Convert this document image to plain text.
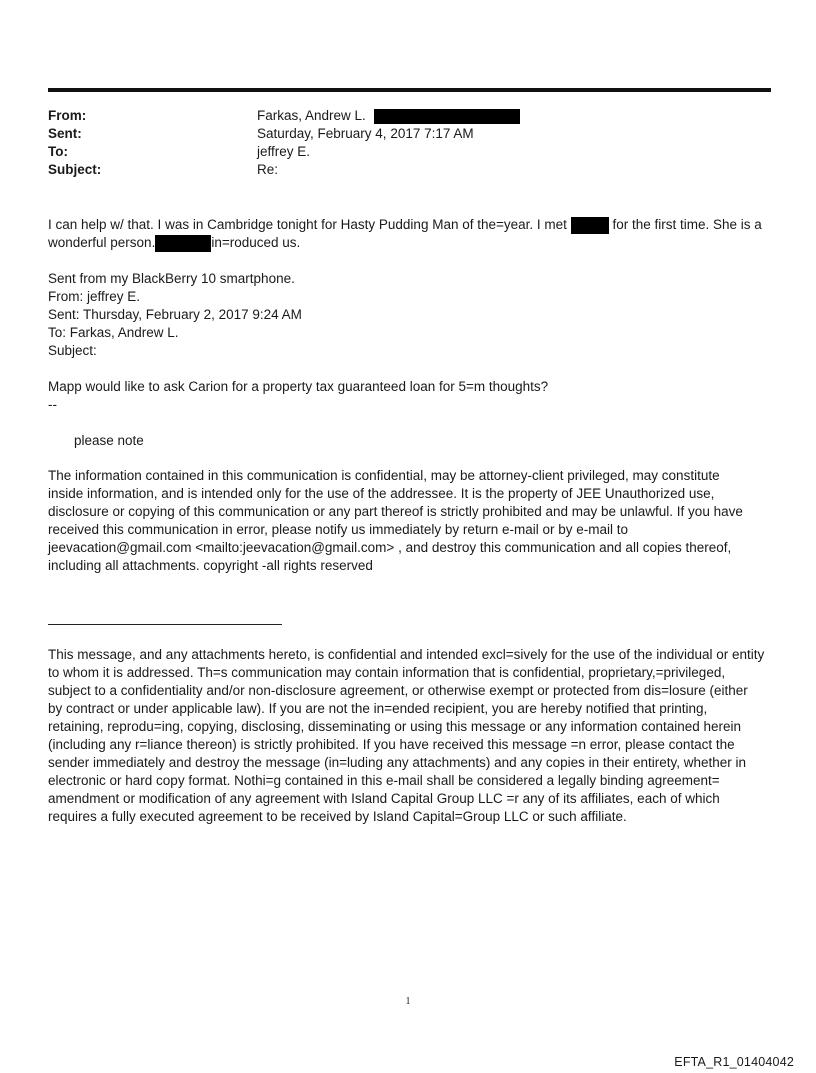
From:	Farkas, Andrew L.
Sent:	Saturday, February 4, 2017 7:17 AM
To:	jeffrey E.
Subject:	Re:
I can help w/ that. I was in Cambridge tonight for Hasty Pudding Man of the=year. I met	for the first time. She is a
wonderful person.	in=roduced us.
Sent from my BlackBerry 10 smartphone.
From: jeffrey E.
Sent: Thursday, February 2, 2017 9:24 AM
To: Farkas, Andrew L.
Subject:
Mapp would like to ask Carion for a property tax guaranteed loan for 5=m thoughts?
--
please note
The information contained in this communication is confidential, may be attorney-client privileged, may constitute
inside information, and is intended only for the use of the addressee. It is the property of JEE Unauthorized use,
disclosure or copying of this communication or any part thereof is strictly prohibited and may be unlawful. If you have
received this communication in error, please notify us immediately by return e-mail or by e-mail to
jeevacation@gmail.com <mailto:jeevacation@gmail.com> , and destroy this communication and all copies thereof,
including all attachments. copyright -all rights reserved
This message, and any attachments hereto, is confidential and intended excl=sively for the use of the individual or entity
to whom it is addressed. Th=s communication may contain information that is confidential, proprietary,=privileged,
subject to a confidentiality and/or non-disclosure agreement, or otherwise exempt or protected from dis=losure (either
by contract or under applicable law). If you are not the in=ended recipient, you are hereby notified that printing,
retaining, reprodu=ing, copying, disclosing, disseminating or using this message or any information contained herein
(including any r=liance thereon) is strictly prohibited. If you have received this message =n error, please contact the
sender immediately and destroy the message (in=luding any attachments) and any copies in their entirety, whether in
electronic or hard copy format. Nothi=g contained in this e-mail shall be considered a legally binding agreement=
amendment or modification of any agreement with Island Capital Group LLC =r any of its affiliates, each of which
requires a fully executed agreement to be received by Island Capital=Group LLC or such affiliate.
1
EFTA_R1_01404042
